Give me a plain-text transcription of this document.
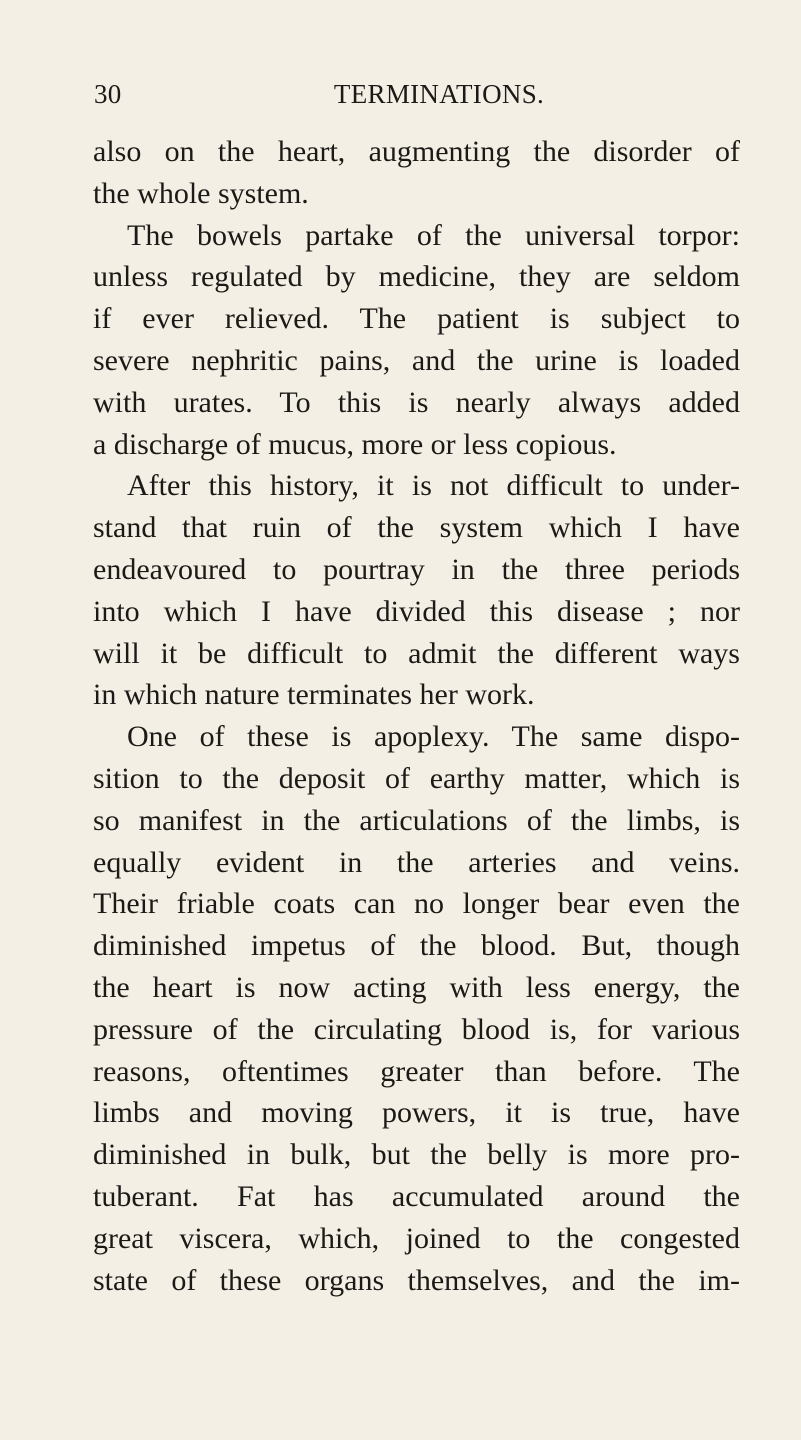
30	TERMINATIONS.
also on the heart, augmenting the disorder of
the whole system.
The bowels partake of the universal torpor:
unless regulated by medicine, they are seldom
if ever relieved. The patient is subject to
severe nephritic pains, and the urine is loaded
with urates. To this is nearly always added
a discharge of mucus, more or less copious.
After this history, it is not difficult to under-
stand that ruin of the system which I have
endeavoured to pourtray in the three periods
into which I have divided this disease ; nor
will it be difficult to admit the different ways
in which nature terminates her work.
One of these is apoplexy. The same dispo-
sition to the deposit of earthy matter, which is
so manifest in the articulations of the limbs, is
equally evident in the arteries and veins.
Their friable coats can no longer bear even the
diminished impetus of the blood. But, though
the heart is now acting with less energy, the
pressure of the circulating blood is, for various
reasons, oftentimes greater than before. The
limbs and moving powers, it is true, have
diminished in bulk, but the belly is more pro-
tuberant. Fat has accumulated around the
great viscera, which, joined to the congested
state of these organs themselves, and the im-
